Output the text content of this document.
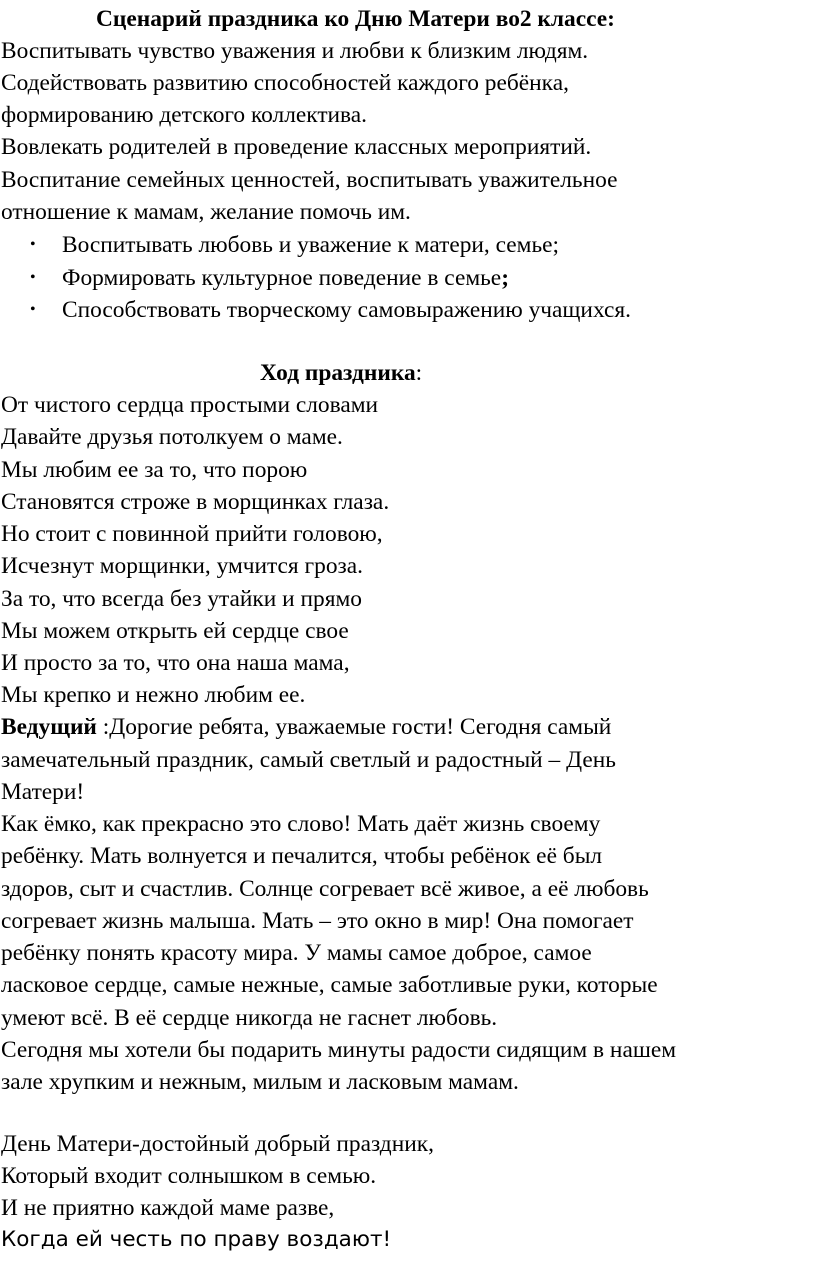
Сценарий праздника ко Дню Матери во2 классе:
Воспитывать чувство уважения и любви к близким людям.
Содействовать развитию способностей каждого ребёнка,
формированию детского коллектива.
Вовлекать родителей в проведение классных мероприятий.
Воспитание семейных ценностей, воспитывать уважительное
отношение к мамам, желание помочь им.
• Воспитывать любовь и уважение к матери, семье;
• Формировать культурное поведение в семье;
• Способствовать творческому самовыражению учащихся.
Ход праздника:
От чистого сердца простыми словами
Давайте друзья потолкуем о маме.
Мы любим ее за то, что порою
Становятся строже в морщинках глаза.
Но стоит с повинной прийти головою,
Исчезнут морщинки, умчится гроза.
За то, что всегда без утайки и прямо
Мы можем открыть ей сердце свое
И просто за то, что она наша мама,
Мы крепко и нежно любим ее.
Ведущий :Дорогие ребята, уважаемые гости! Сегодня самый
замечательный праздник, самый светлый и радостный – День
Матери!
Как ёмко, как прекрасно это слово! Мать даёт жизнь своему
ребёнку. Мать волнуется и печалится, чтобы ребёнок её был
здоров, сыт и счастлив. Солнце согревает всё живое, а её любовь
согревает жизнь малыша. Мать – это окно в мир! Она помогает
ребёнку понять красоту мира. У мамы самое доброе, самое
ласковое сердце, самые нежные, самые заботливые руки, которые
умеют всё. В её сердце никогда не гаснет любовь.
Сегодня мы хотели бы подарить минуты радости сидящим в нашем
зале хрупким и нежным, милым и ласковым мамам.
День Матери-достойный добрый праздник,
Который входит солнышком в семью.
И не приятно каждой маме разве,
Когда ей честь по праву воздают!
